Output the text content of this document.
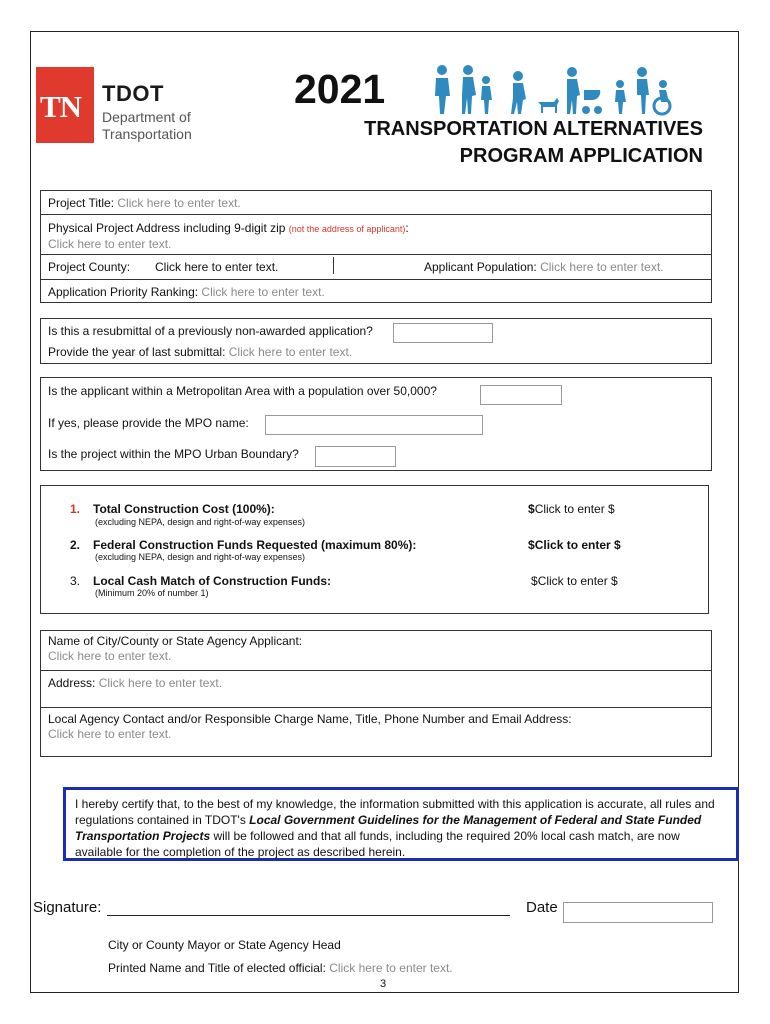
TN TDOT
Department of
Transportation
2021
TRANSPORTATION ALTERNATIVES
PROGRAM APPLICATION
Project Title: Click here to enter text.
Physical Project Address including 9-digit zip (not the address of applicant):
Click here to enter text.
Project County: Click here to enter text.	Applicant Population: Click here to enter text.
Application Priority Ranking: Click here to enter text.
Is this a resubmittal of a previously non-awarded application?
Provide the year of last submittal: Click here to enter text.
Is the applicant within a Metropolitan Area with a population over 50,000?
If yes, please provide the MPO name:
Is the project within the MPO Urban Boundary?
1. Total Construction Cost (100%):
(excluding NEPA, design and right-of-way expenses)
$Click to enter $
2. Federal Construction Funds Requested (maximum 80%):
(excluding NEPA, design and right-of-way expenses)
$Click to enter $
3. Local Cash Match of Construction Funds:
(Minimum 20% of number 1)
$Click to enter $
Name of City/County or State Agency Applicant:
Click here to enter text.
Address: Click here to enter text.
Local Agency Contact and/or Responsible Charge Name, Title, Phone Number and Email Address:
Click here to enter text.
I hereby certify that, to the best of my knowledge, the information submitted with this application is accurate, all rules and regulations contained in TDOT's Local Government Guidelines for the Management of Federal and State Funded Transportation Projects will be followed and that all funds, including the required 20% local cash match, are now available for the completion of the project as described herein.
Signature:	Date
City or County Mayor or State Agency Head
Printed Name and Title of elected official: Click here to enter text.
3
